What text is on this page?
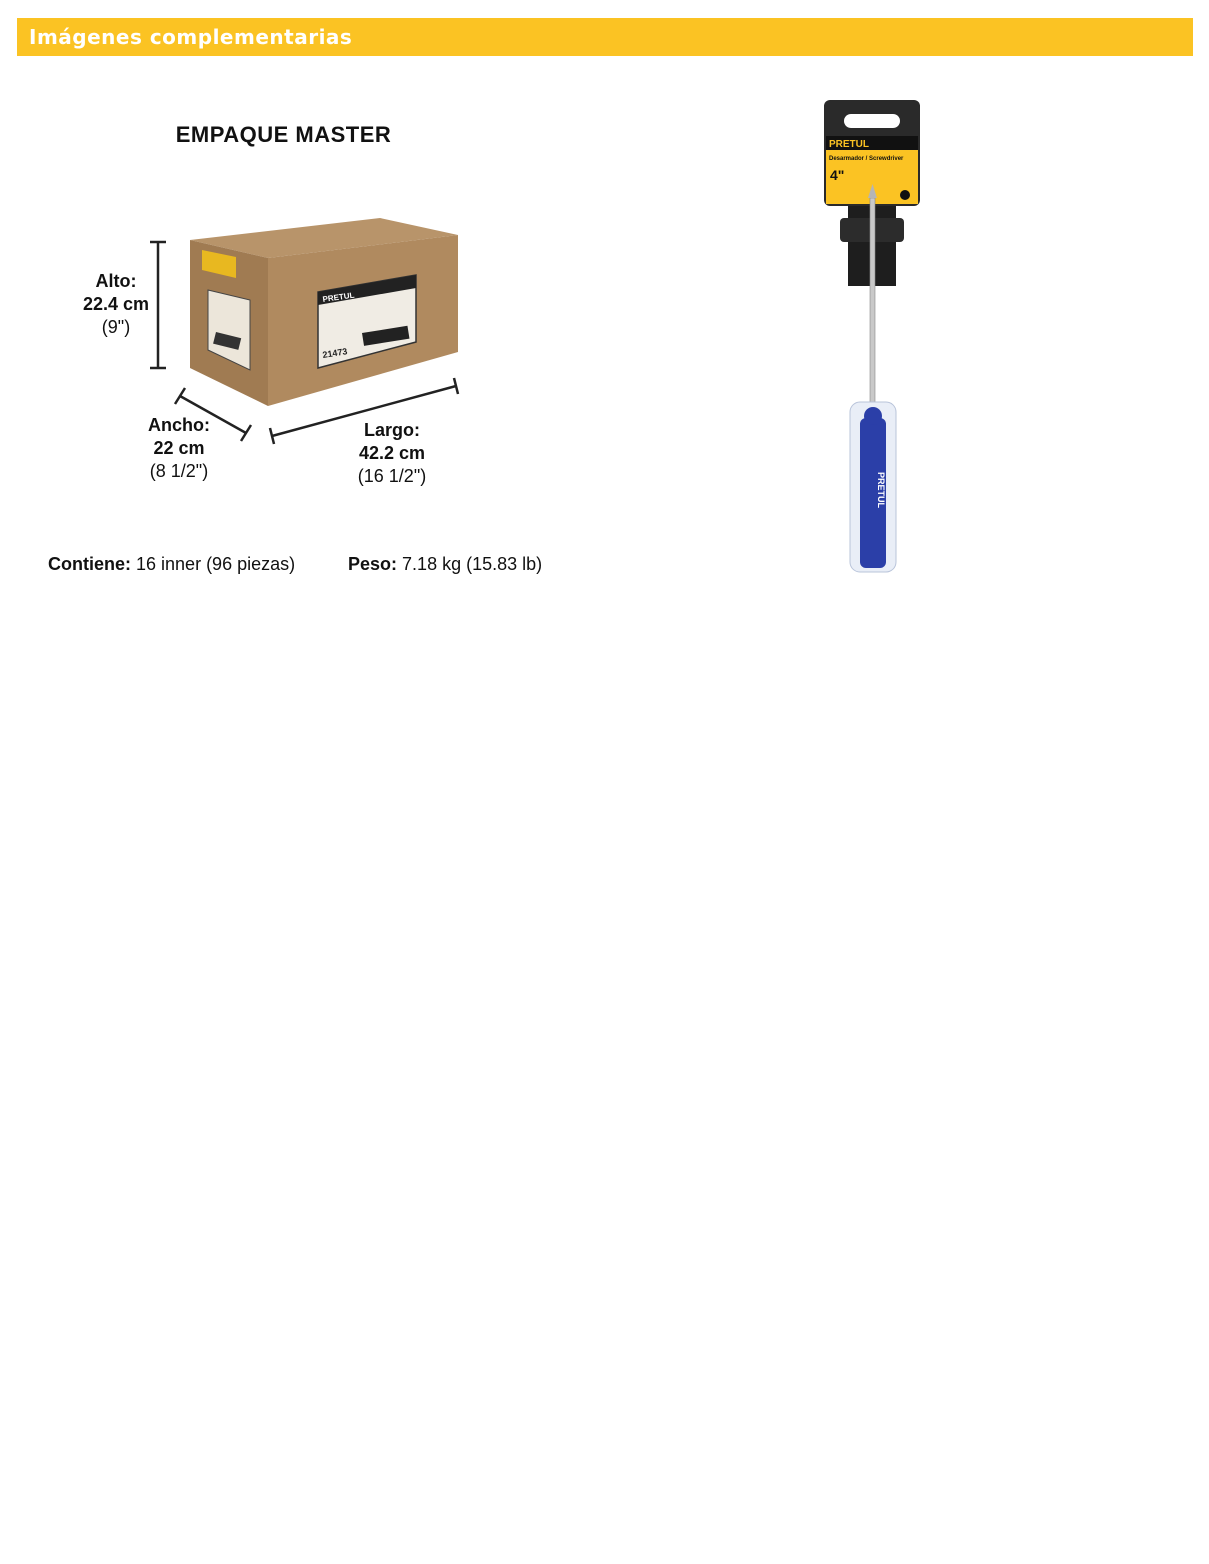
Imágenes complementarias
EMPAQUE MASTER
PRETUL
21473
Alto:
22.4 cm
(9")
Ancho:
22 cm
(8 1/2")
Largo:
42.2 cm
(16 1/2")
Contiene: 16 inner (96 piezas)	Peso: 7.18 kg (15.83 lb)
PRETUL
Desarmador / Screwdriver
4"
PRETUL
